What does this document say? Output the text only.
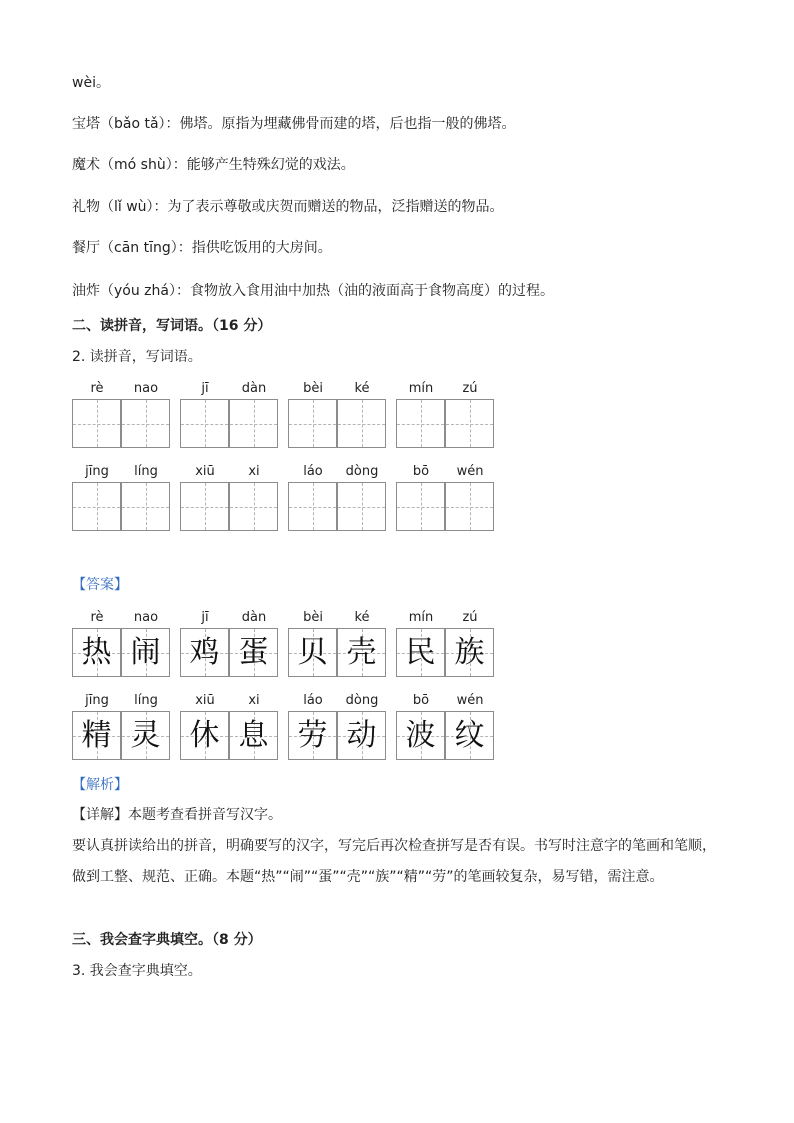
wèi。
宝塔（bǎo tǎ）：佛塔。原指为埋藏佛骨而建的塔，后也指一般的佛塔。
魔术（mó shù）：能够产生特殊幻觉的戏法。
礼物（lǐ wù）：为了表示尊敬或庆贺而赠送的物品，泛指赠送的物品。
餐厅（cān tīng）：指供吃饭用的大房间。
油炸（yóu zhá）：食物放入食用油中加热（油的液面高于食物高度）的过程。
二、读拼音，写词语。（16 分）
2. 读拼音，写词语。
rè	nao	jī	dàn	bèi	ké	mín	zú
jīng	líng	xiū	xi	láo	dòng	bō	wén
【答案】
rè	nao	jī	dàn	bèi	ké	mín	zú
热 闹 鸡 蛋 贝 壳 民 族
jīng	líng	xiū	xi	láo	dòng	bō	wén
精 灵 休 息 劳 动 波 纹
【解析】
【详解】本题考查看拼音写汉字。
要认真拼读给出的拼音，明确要写的汉字，写完后再次检查拼写是否有误。书写时注意字的笔画和笔顺，做到工整、规范、正确。本题“热”“闹”“蛋”“壳”“族”“精”“劳”的笔画较复杂，易写错，需注意。
三、我会查字典填空。（8 分）
3. 我会查字典填空。
